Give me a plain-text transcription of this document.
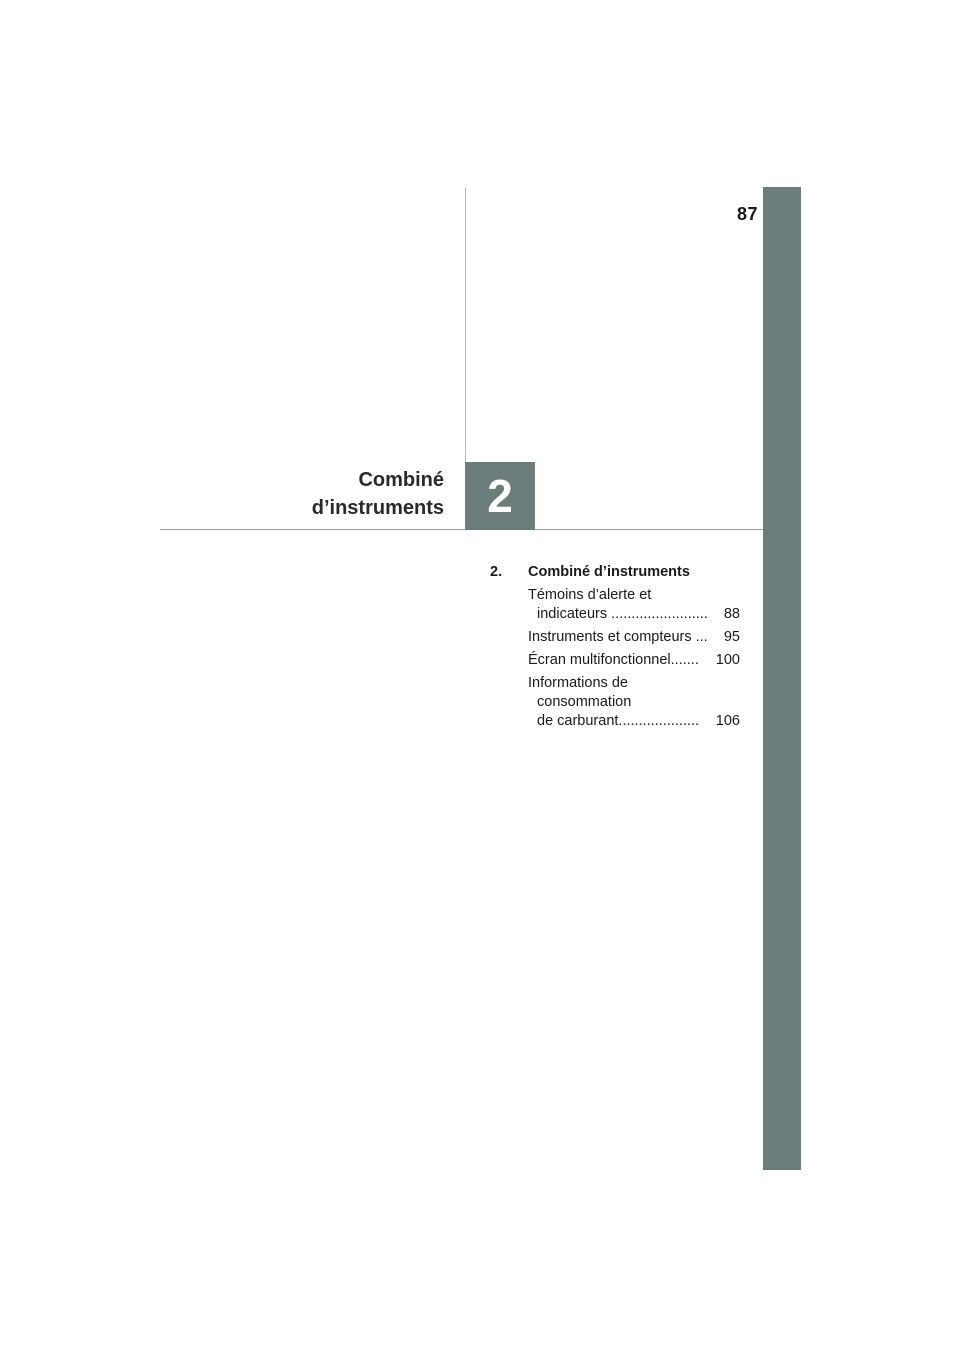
87
2
Combiné
d’instruments
2.	Combiné d’instruments
Témoins d’alerte et
indicateurs ........................ 88
Instruments et compteurs ... 95
Écran multifonctionnel....... 100
Informations de
consommation
de carburant.................... 106
